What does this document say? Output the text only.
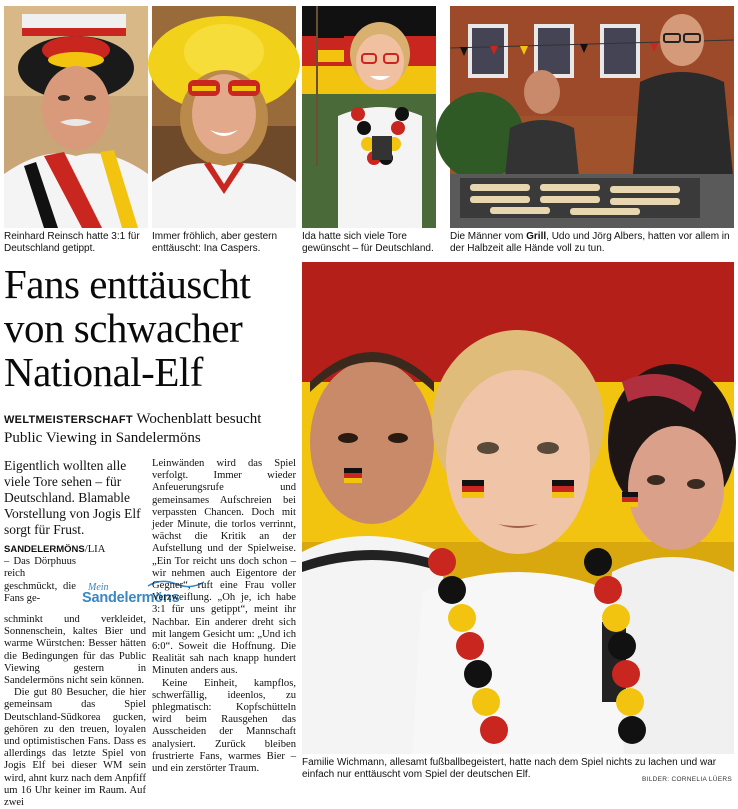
Reinhard Reinsch hatte 3:1 für Deutschland getippt.
Immer fröhlich, aber gestern enttäuscht: Ina Caspers.
Ida hatte sich viele Tore gewünscht – für Deutschland.
Die Männer vom Grill, Udo und Jörg Albers, hatten vor allem in der Halbzeit alle Hände voll zu tun.
Fans enttäuscht
von schwacher
National-Elf
WELTMEISTERSCHAFT Wochenblatt besucht Public Viewing in Sandelermöns
Eigentlich wollten alle viele Tore sehen – für Deutschland. Blamable Vorstellung von Jogis Elf sorgt für Frust.

SANDELERMÖNS/LIA – Das Dörphuus reich geschmückt, die Fans ge-

Mein
Sandelermöns

schminkt und verkleidet, Sonnenschein, kaltes Bier und warme Würstchen: Besser hätten die Bedingungen für das Public Viewing gestern in Sandelermöns nicht sein können.

Die gut 80 Besucher, die hier gemeinsam das Spiel Deutschland-Südkorea gucken, gehören zu den treuen, loyalen und optimistischen Fans. Dass es allerdings das letzte Spiel von Jogis Elf bei dieser WM sein wird, ahnt kurz nach dem Anpfiff um 16 Uhr keiner im Raum. Auf zwei

Leinwänden wird das Spiel verfolgt. Immer wieder Anfeuerungsrufe und gemeinsames Aufschreien bei verpassten Chancen. Doch mit jeder Minute, die torlos verrinnt, wächst die Kritik an der Aufstellung und der Spielweise. „Ein Tor reicht uns doch schon – wir nehmen auch Eigentore der Gegner“, ruft eine Frau voller Verzweiflung. „Oh je, ich habe 3:1 für uns getippt“, meint ihr Nachbar. Ein anderer dreht sich mit langem Gesicht um: „Und ich 6:0“. Soweit die Hoffnung. Die Realität sah nach knapp hundert Minuten anders aus.

Keine Einheit, kampflos, schwerfällig, ideenlos, zu phlegmatisch: Kopfschütteln wird beim Rausgehen das Ausscheiden der Mannschaft analysiert. Zurück bleiben frustrierte Fans, warmes Bier – und ein zerstörter Traum.

Familie Wichmann, allesamt fußballbegeistert, hatte nach dem Spiel nichts zu lachen und war einfach nur enttäuscht vom Spiel der deutschen Elf.	BILDER: CORNELIA LÜERS
